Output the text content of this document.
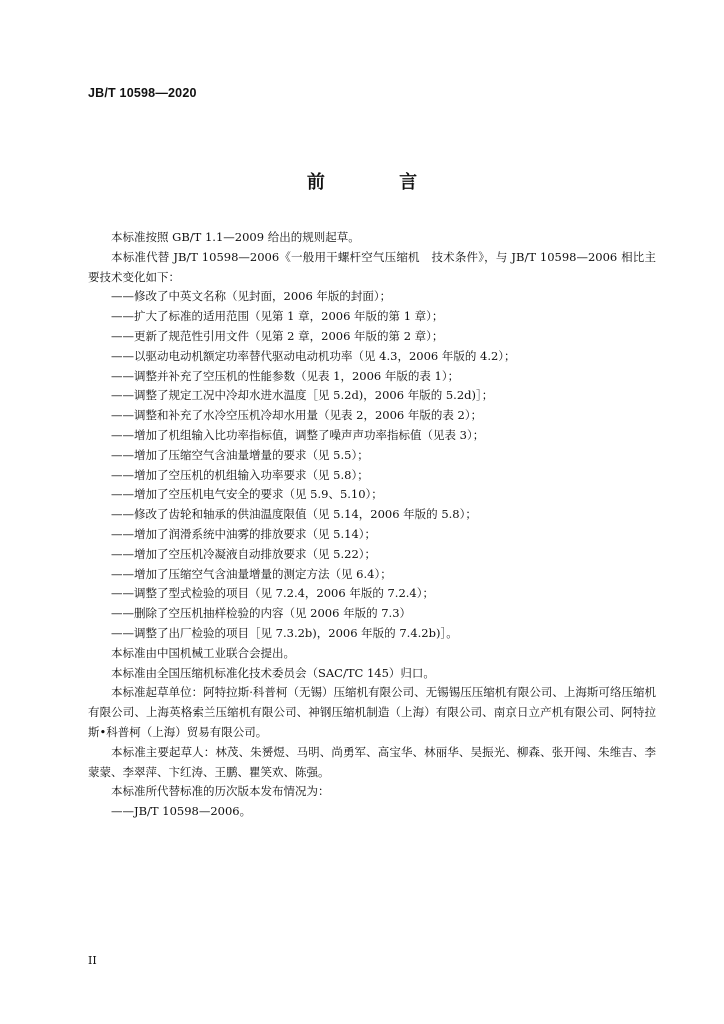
JB/T 10598—2020
前 言

本标准按照 GB/T 1.1—2009 给出的规则起草。

本标准代替 JB/T 10598—2006《一般用干螺杆空气压缩机　技术条件》，与 JB/T 10598—2006 相比主要技术变化如下：

——修改了中英文名称（见封面，2006 年版的封面）；

——扩大了标准的适用范围（见第 1 章，2006 年版的第 1 章）；

——更新了规范性引用文件（见第 2 章，2006 年版的第 2 章）；

——以驱动电动机额定功率替代驱动电动机功率（见 4.3，2006 年版的 4.2）；

——调整并补充了空压机的性能参数（见表 1，2006 年版的表 1）；

——调整了规定工况中冷却水进水温度［见 5.2d)，2006 年版的 5.2d)］；

——调整和补充了水冷空压机冷却水用量（见表 2，2006 年版的表 2）；

——增加了机组输入比功率指标值，调整了噪声声功率指标值（见表 3）；

——增加了压缩空气含油量增量的要求（见 5.5）；

——增加了空压机的机组输入功率要求（见 5.8）；

——增加了空压机电气安全的要求（见 5.9、5.10）；

——修改了齿轮和轴承的供油温度限值（见 5.14，2006 年版的 5.8）；

——增加了润滑系统中油雾的排放要求（见 5.14）；

——增加了空压机冷凝液自动排放要求（见 5.22）；

——增加了压缩空气含油量增量的测定方法（见 6.4）；

——调整了型式检验的项目（见 7.2.4，2006 年版的 7.2.4）；

——删除了空压机抽样检验的内容（见 2006 年版的 7.3）

——调整了出厂检验的项目［见 7.3.2b)，2006 年版的 7.4.2b)］。

本标准由中国机械工业联合会提出。

本标准由全国压缩机标准化技术委员会（SAC/TC 145）归口。

本标准起草单位：阿特拉斯·科普柯（无锡）压缩机有限公司、无锡锡压压缩机有限公司、上海斯可络压缩机有限公司、上海英格索兰压缩机有限公司、神钢压缩机制造（上海）有限公司、南京日立产机有限公司、阿特拉斯•科普柯（上海）贸易有限公司。

本标准主要起草人：林茂、朱赟煜、马明、尚勇军、高宝华、林丽华、吴振光、柳森、张开闯、朱维吉、李蒙蒙、李翠萍、卞红涛、王鹏、瞿笑欢、陈强。

本标准所代替标准的历次版本发布情况为：

——JB/T 10598—2006。

II
